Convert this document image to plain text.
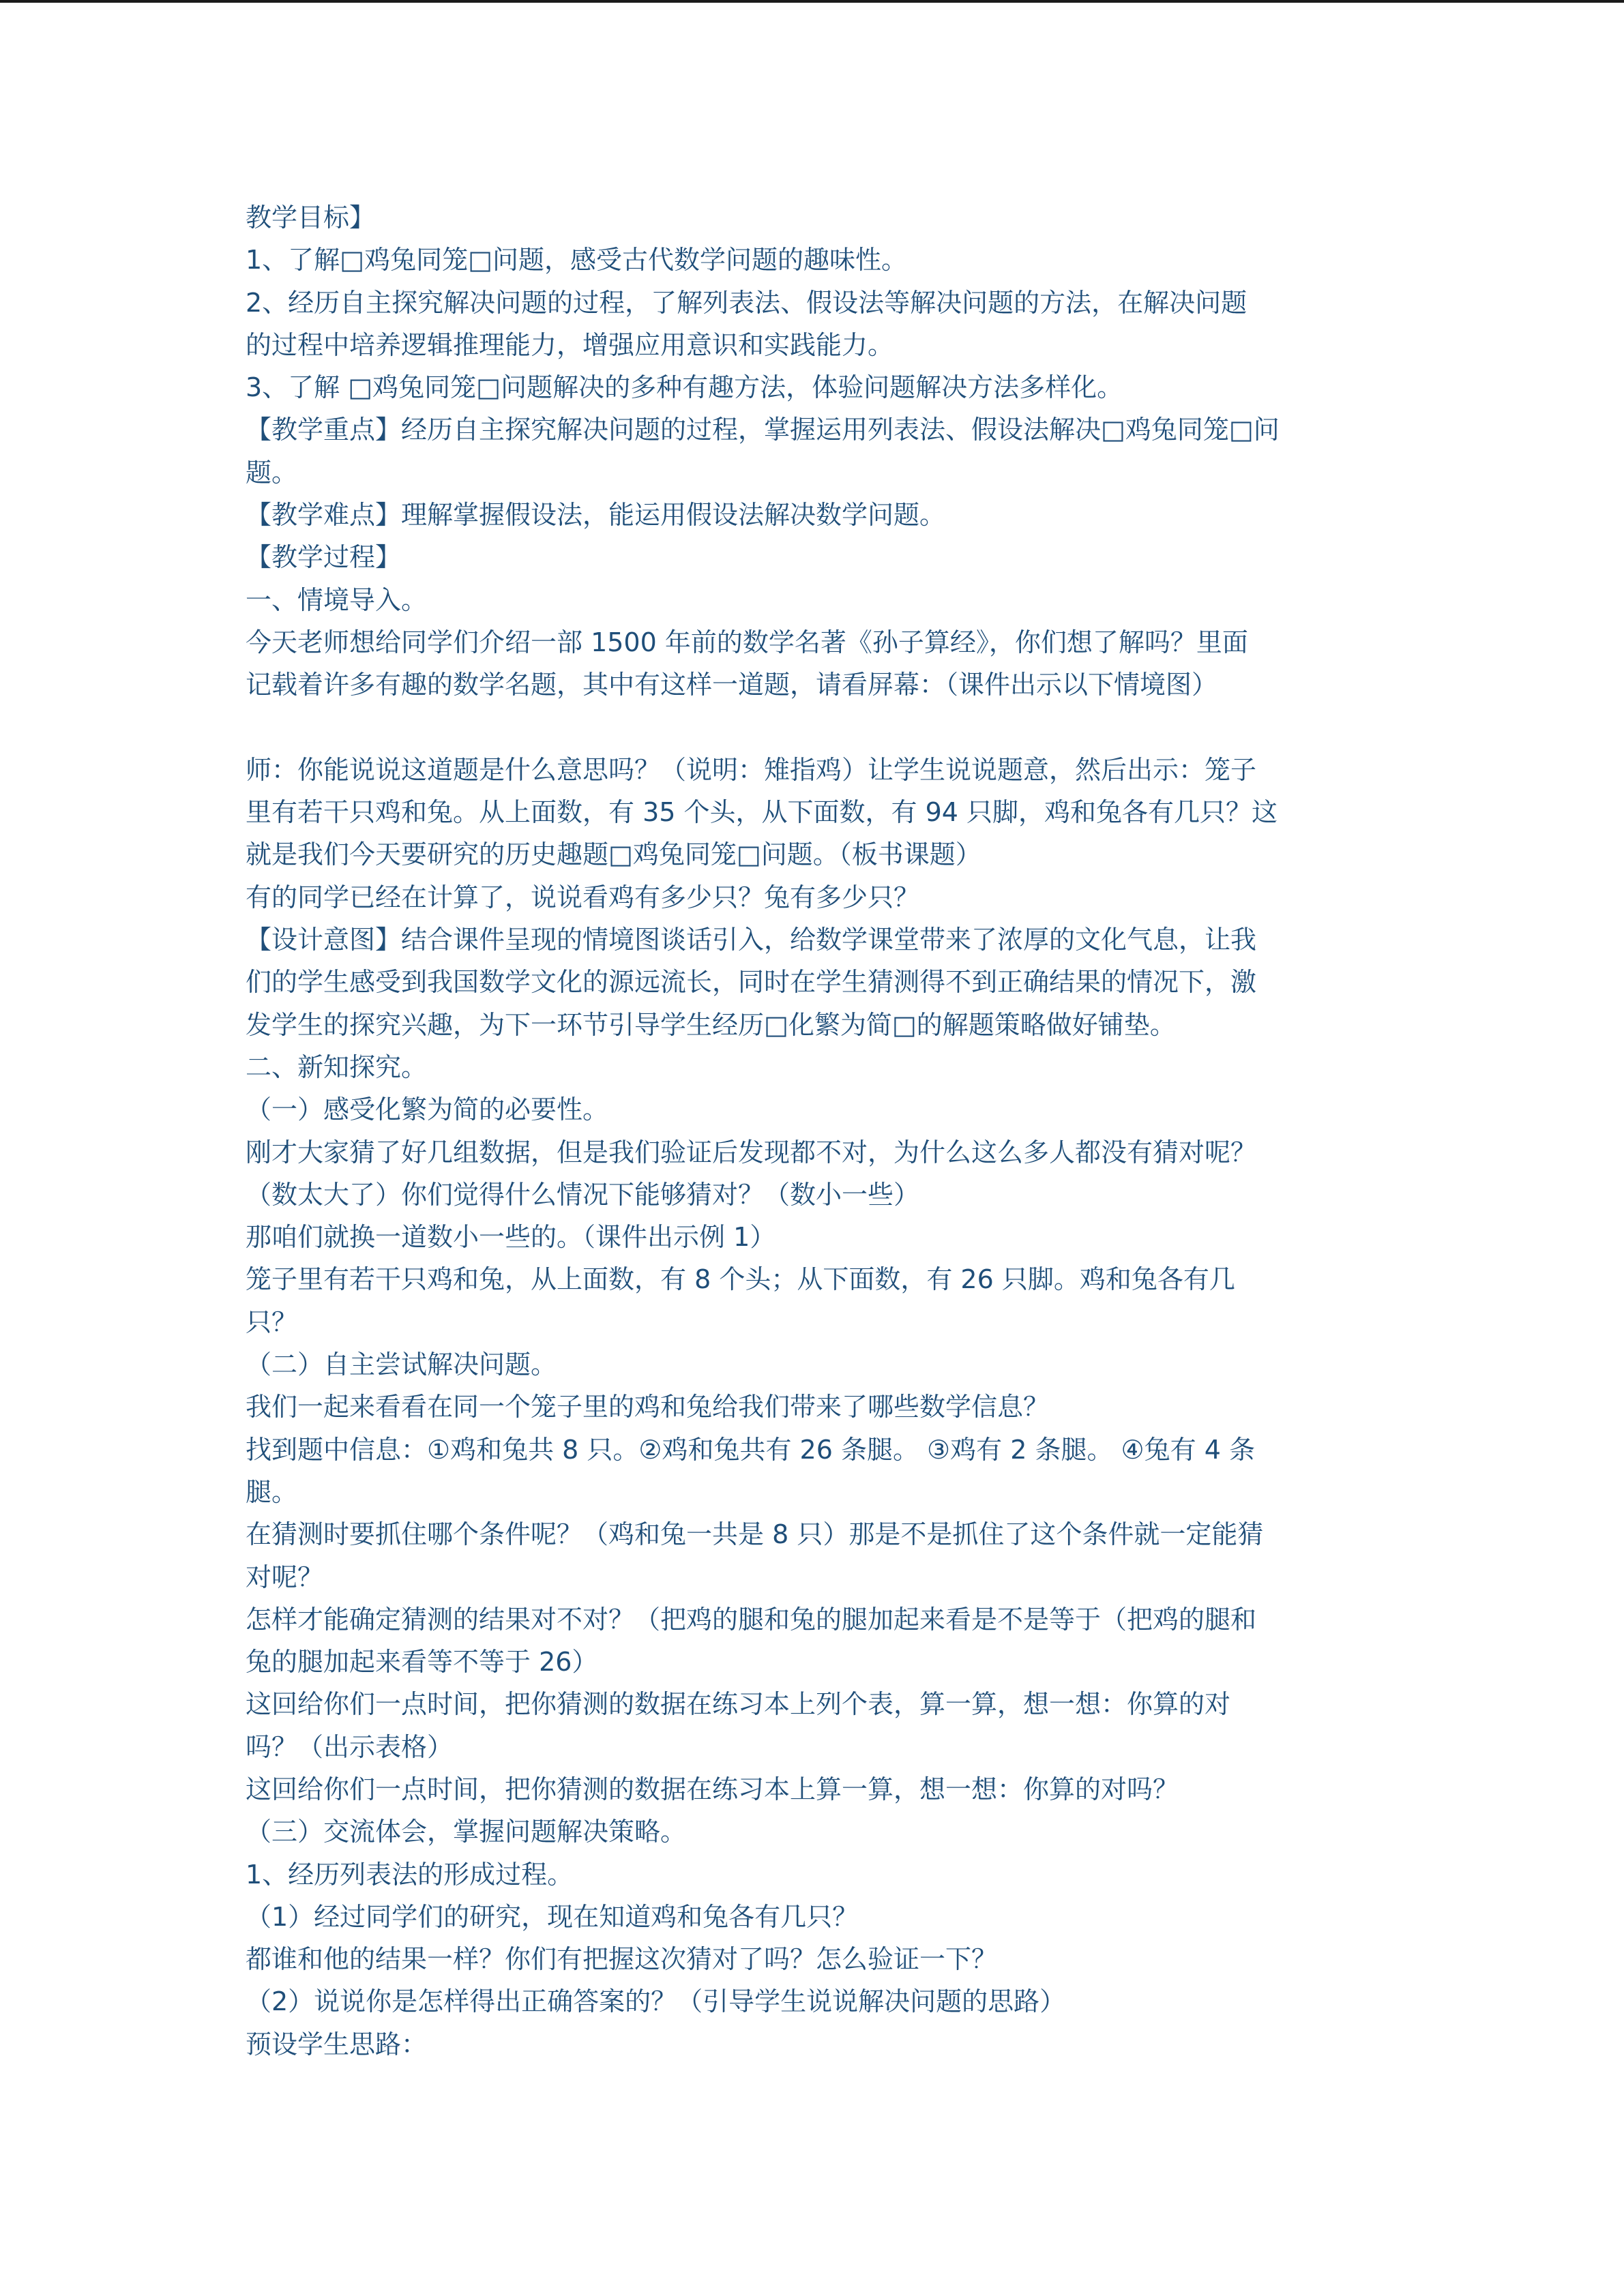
教学目标】
1、了解□鸡兔同笼□问题，感受古代数学问题的趣味性。
2、经历自主探究解决问题的过程，了解列表法、假设法等解决问题的方法，在解决问题
的过程中培养逻辑推理能力，增强应用意识和实践能力。
3、了解 □鸡兔同笼□问题解决的多种有趣方法，体验问题解决方法多样化。
【教学重点】经历自主探究解决问题的过程，掌握运用列表法、假设法解决□鸡兔同笼□问
题。
【教学难点】理解掌握假设法，能运用假设法解决数学问题。
【教学过程】
一、情境导入。
今天老师想给同学们介绍一部 1500 年前的数学名著《孙子算经》，你们想了解吗？里面
记载着许多有趣的数学名题，其中有这样一道题，请看屏幕：（课件出示以下情境图）
师：你能说说这道题是什么意思吗？（说明：雉指鸡）让学生说说题意，然后出示：笼子
里有若干只鸡和兔。从上面数，有 35 个头，从下面数，有 94 只脚，鸡和兔各有几只？这
就是我们今天要研究的历史趣题□鸡兔同笼□问题。（板书课题）
有的同学已经在计算了，说说看鸡有多少只？兔有多少只？
【设计意图】结合课件呈现的情境图谈话引入，给数学课堂带来了浓厚的文化气息，让我
们的学生感受到我国数学文化的源远流长，同时在学生猜测得不到正确结果的情况下，激
发学生的探究兴趣，为下一环节引导学生经历□化繁为简□的解题策略做好铺垫。
二、新知探究。
（一）感受化繁为简的必要性。
刚才大家猜了好几组数据，但是我们验证后发现都不对，为什么这么多人都没有猜对呢？
（数太大了）你们觉得什么情况下能够猜对？（数小一些）
那咱们就换一道数小一些的。（课件出示例 1）
笼子里有若干只鸡和兔，从上面数，有 8 个头；从下面数，有 26 只脚。鸡和兔各有几
只？
（二）自主尝试解决问题。
我们一起来看看在同一个笼子里的鸡和兔给我们带来了哪些数学信息？
找到题中信息：①鸡和兔共 8 只。②鸡和兔共有 26 条腿。 ③鸡有 2 条腿。 ④兔有 4 条
腿。
在猜测时要抓住哪个条件呢？（鸡和兔一共是 8 只）那是不是抓住了这个条件就一定能猜
对呢？
怎样才能确定猜测的结果对不对？（把鸡的腿和兔的腿加起来看是不是等于（把鸡的腿和
兔的腿加起来看等不等于 26）
这回给你们一点时间，把你猜测的数据在练习本上列个表，算一算，想一想：你算的对
吗？（出示表格）
这回给你们一点时间，把你猜测的数据在练习本上算一算，想一想：你算的对吗？
（三）交流体会，掌握问题解决策略。
1、经历列表法的形成过程。
（1）经过同学们的研究，现在知道鸡和兔各有几只？
都谁和他的结果一样？你们有把握这次猜对了吗？怎么验证一下？
（2）说说你是怎样得出正确答案的？（引导学生说说解决问题的思路）
预设学生思路：
